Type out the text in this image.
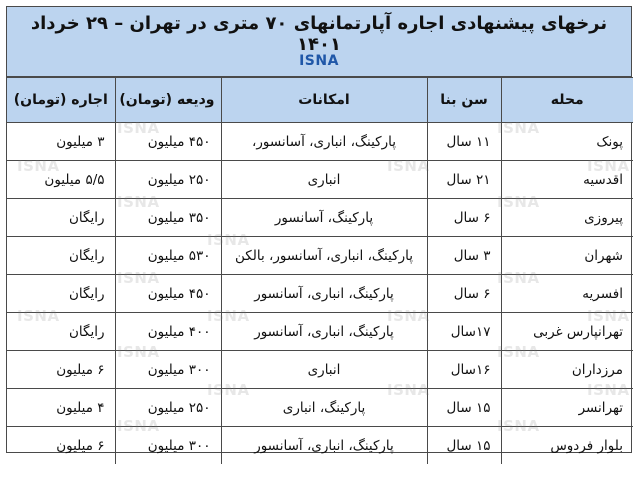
نرخهای پیشنهادی اجاره آپارتمانهای ۷۰ متری در تهران – ۲۹ خرداد ۱۴۰۱
ISNA
محله	سن بنا	امکانات	ودیعه (تومان)	اجاره (تومان)
پونک	۱۱ سال	پارکینگ، انباری، آسانسور،	۴۵۰ میلیون	۳ میلیون
اقدسیه	۲۱ سال	انباری	۲۵۰ میلیون	۵/۵ میلیون
پیروزی	۶ سال	پارکینگ، آسانسور	۳۵۰ میلیون	رایگان
شهران	۳ سال	پارکینگ، انباری، آسانسور، بالکن	۵۳۰ میلیون	رایگان
افسریه	۶ سال	پارکینگ، انباری، آسانسور	۴۵۰ میلیون	رایگان
تهرانپارس غربی	۱۷سال	پارکینگ، انباری، آسانسور	۴۰۰ میلیون	رایگان
مرزداران	۱۶سال	انباری	۳۰۰ میلیون	۶ میلیون
تهرانسر	۱۵ سال	پارکینگ، انباری	۲۵۰ میلیون	۴ میلیون
بلوار فردوس	۱۵ سال	پارکینگ، انباری، آسانسور	۳۰۰ میلیون	۶ میلیون
ISNA	ISNA
ISNA	ISNA	ISNA
ISNA	ISNA
ISNA
ISNA	ISNA
ISNA	ISNA	ISNA	ISNA
ISNA	ISNA
ISNA	ISNA	ISNA
ISNA	ISNA
